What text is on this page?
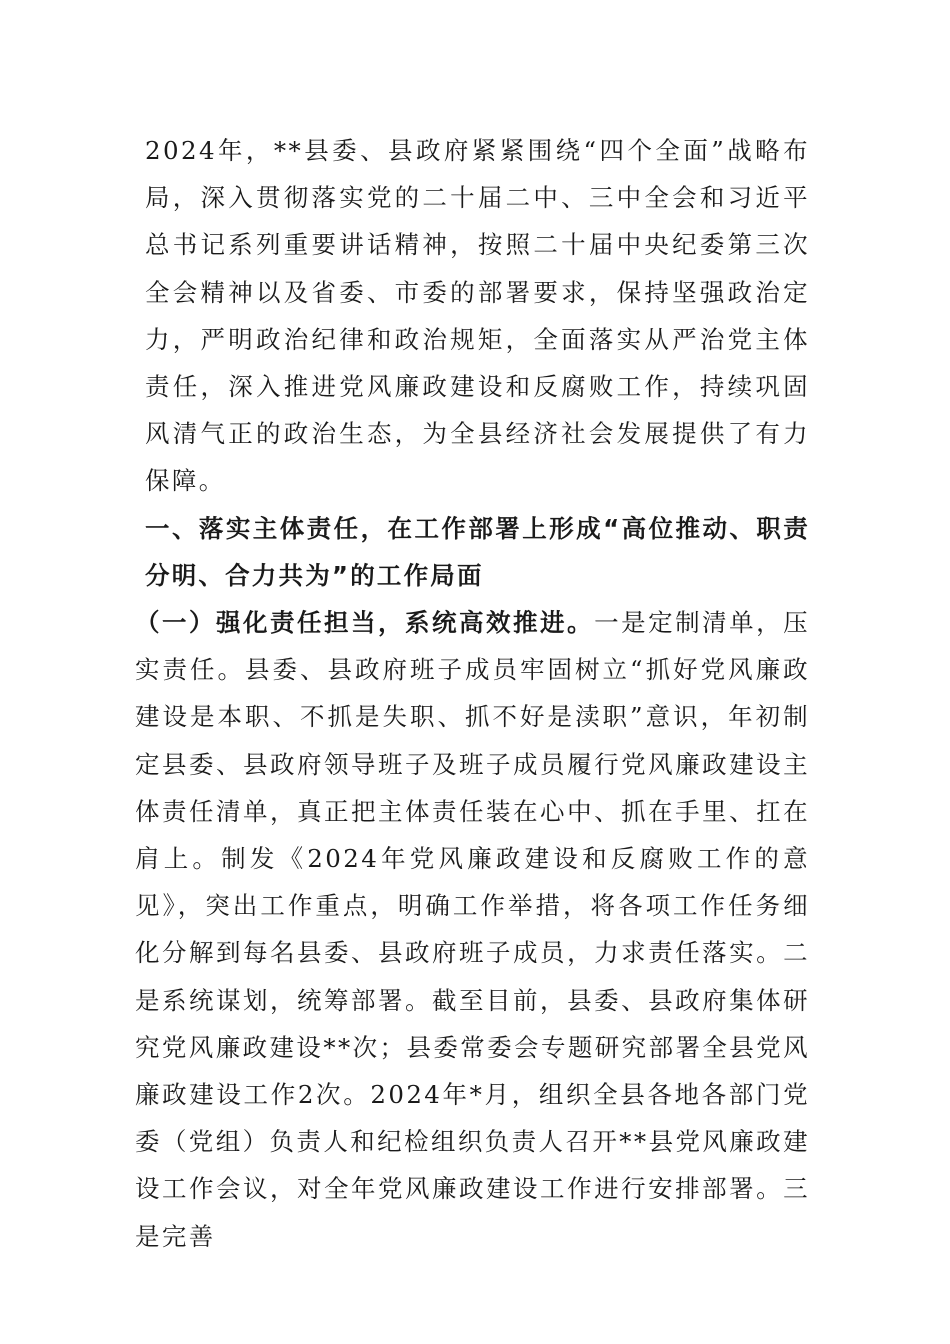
2024年，**县委、县政府紧紧围绕“四个全面”战略布局，深入贯彻落实党的二十届二中、三中全会和习近平总书记系列重要讲话精神，按照二十届中央纪委第三次全会精神以及省委、市委的部署要求，保持坚强政治定力，严明政治纪律和政治规矩，全面落实从严治党主体责任，深入推进党风廉政建设和反腐败工作，持续巩固风清气正的政治生态，为全县经济社会发展提供了有力保障。

一、落实主体责任，在工作部署上形成“高位推动、职责分明、合力共为”的工作局面

（一）强化责任担当，系统高效推进。一是定制清单，压实责任。县委、县政府班子成员牢固树立“抓好党风廉政建设是本职、不抓是失职、抓不好是渎职”意识，年初制定县委、县政府领导班子及班子成员履行党风廉政建设主体责任清单，真正把主体责任装在心中、抓在手里、扛在肩上。制发《2024年党风廉政建设和反腐败工作的意见》，突出工作重点，明确工作举措，将各项工作任务细化分解到每名县委、县政府班子成员，力求责任落实。二是系统谋划，统筹部署。截至目前，县委、县政府集体研究党风廉政建设**次；县委常委会专题研究部署全县党风廉政建设工作2次。2024年*月，组织全县各地各部门党委（党组）负责人和纪检组织负责人召开**县党风廉政建设工作会议，对全年党风廉政建设工作进行安排部署。三是完善
